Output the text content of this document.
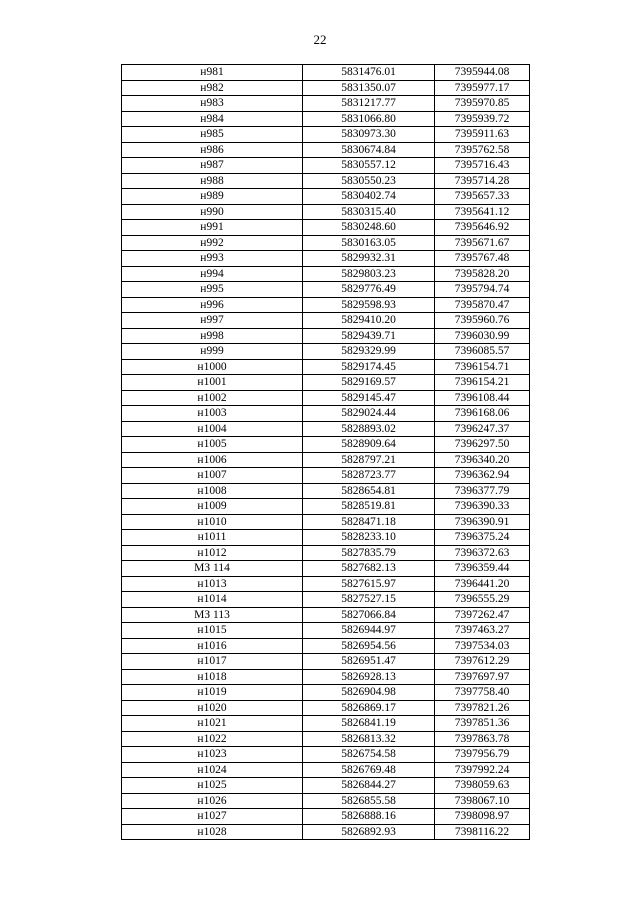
22
н981	5831476.01	7395944.08
н982	5831350.07	7395977.17
н983	5831217.77	7395970.85
н984	5831066.80	7395939.72
н985	5830973.30	7395911.63
н986	5830674.84	7395762.58
н987	5830557.12	7395716.43
н988	5830550.23	7395714.28
н989	5830402.74	7395657.33
н990	5830315.40	7395641.12
н991	5830248.60	7395646.92
н992	5830163.05	7395671.67
н993	5829932.31	7395767.48
н994	5829803.23	7395828.20
н995	5829776.49	7395794.74
н996	5829598.93	7395870.47
н997	5829410.20	7395960.76
н998	5829439.71	7396030.99
н999	5829329.99	7396085.57
н1000	5829174.45	7396154.71
н1001	5829169.57	7396154.21
н1002	5829145.47	7396108.44
н1003	5829024.44	7396168.06
н1004	5828893.02	7396247.37
н1005	5828909.64	7396297.50
н1006	5828797.21	7396340.20
н1007	5828723.77	7396362.94
н1008	5828654.81	7396377.79
н1009	5828519.81	7396390.33
н1010	5828471.18	7396390.91
н1011	5828233.10	7396375.24
н1012	5827835.79	7396372.63
МЗ 114	5827682.13	7396359.44
н1013	5827615.97	7396441.20
н1014	5827527.15	7396555.29
МЗ 113	5827066.84	7397262.47
н1015	5826944.97	7397463.27
н1016	5826954.56	7397534.03
н1017	5826951.47	7397612.29
н1018	5826928.13	7397697.97
н1019	5826904.98	7397758.40
н1020	5826869.17	7397821.26
н1021	5826841.19	7397851.36
н1022	5826813.32	7397863.78
н1023	5826754.58	7397956.79
н1024	5826769.48	7397992.24
н1025	5826844.27	7398059.63
н1026	5826855.58	7398067.10
н1027	5826888.16	7398098.97
н1028	5826892.93	7398116.22
